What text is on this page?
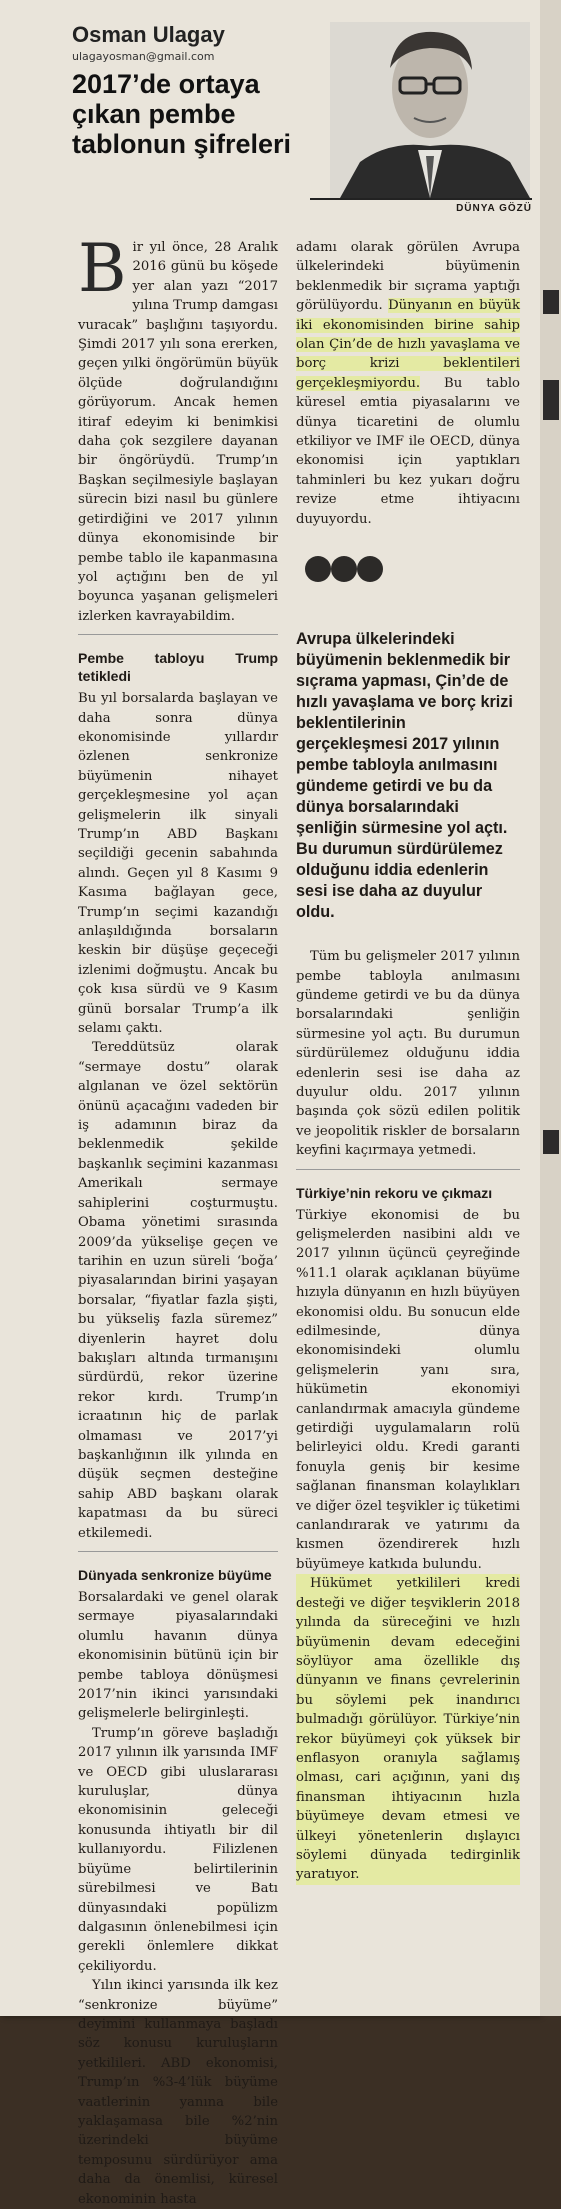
Osman Ulagay
ulagayosman@gmail.com
2017’de ortaya çıkan pembe tablonun şifreleri
DÜNYA GÖZÜ
B ir yıl önce, 28 Aralık 2016 günü bu köşede yer alan yazı “2017 yılına Trump damgası vuracak” başlığını taşıyordu. Şimdi 2017 yılı sona ererken, geçen yılki öngörümün büyük ölçüde doğrulandığını görüyorum. Ancak hemen itiraf edeyim ki benimkisi daha çok sezgilere dayanan bir öngörüydü. Trump’ın Başkan seçilmesiyle başlayan sürecin bizi nasıl bu günlere getirdiğini ve 2017 yılının dünya ekonomisinde bir pembe tablo ile kapanmasına yol açtığını ben de yıl boyunca yaşanan gelişmeleri izlerken kavrayabildim.

Pembe tabloyu Trump tetikledi

Bu yıl borsalarda başlayan ve daha sonra dünya ekonomisinde yıllardır özlenen senkronize büyümenin nihayet gerçekleşmesine yol açan gelişmelerin ilk sinyali Trump’ın ABD Başkanı seçildiği gecenin sabahında alındı. Geçen yıl 8 Kasımı 9 Kasıma bağlayan gece, Trump’ın seçimi kazandığı anlaşıldığında borsaların keskin bir düşüşe geçeceği izlenimi doğmuştu. Ancak bu çok kısa sürdü ve 9 Kasım günü borsalar Trump’a ilk selamı çaktı.

Tereddütsüz olarak “sermaye dostu” olarak algılanan ve özel sektörün önünü açacağını vadeden bir iş adamının biraz da beklenmedik şekilde başkanlık seçimini kazanması Amerikalı sermaye sahiplerini coşturmuştu. Obama yönetimi sırasında 2009’da yükselişe geçen ve tarihin en uzun süreli ‘boğa’ piyasalarından birini yaşayan borsalar, “fiyatlar fazla şişti, bu yükseliş fazla süremez” diyenlerin hayret dolu bakışları altında tırmanışını sürdürdü, rekor üzerine rekor kırdı. Trump’ın icraatının hiç de parlak olmaması ve 2017’yi başkanlığının ilk yılında en düşük seçmen desteğine sahip ABD başkanı olarak kapatması da bu süreci etkilemedi.

Dünyada senkronize büyüme

Borsalardaki ve genel olarak sermaye piyasalarındaki olumlu havanın dünya ekonomisinin bütünü için bir pembe tabloya dönüşmesi 2017’nin ikinci yarısındaki gelişmelerle belirginleşti.

Trump’ın göreve başladığı 2017 yılının ilk yarısında IMF ve OECD gibi uluslararası kuruluşlar, dünya ekonomisinin geleceği konusunda ihtiyatlı bir dil kullanıyordu. Filizlenen büyüme belirtilerinin sürebilmesi ve Batı dünyasındaki popülizm dalgasının önlenebilmesi için gerekli önlemlere dikkat çekiliyordu.

Yılın ikinci yarısında ilk kez “senkronize büyüme” deyimini kullanmaya başladı söz konusu kuruluşların yetkilileri. ABD ekonomisi, Trump’ın %3-4’lük büyüme vaatlerinin yanına bile yaklaşamasa bile %2’nin üzerindeki büyüme temposunu sürdürüyor ama daha da önemlisi, küresel ekonominin hasta

adamı olarak görülen Avrupa ülkelerindeki büyümenin beklenmedik bir sıçrama yaptığı görülüyordu. Dünyanın en büyük iki ekonomisinden birine sahip olan Çin’de de hızlı yavaşlama ve borç krizi beklentileri gerçekleşmiyordu. Bu tablo küresel emtia piyasalarını ve dünya ticaretini de olumlu etkiliyor ve IMF ile OECD, dünya ekonomisi için yaptıkları tahminleri bu kez yukarı doğru revize etme ihtiyacını duyuyordu.

Avrupa ülkelerindeki büyümenin beklenmedik bir sıçrama yapması, Çin’de de hızlı yavaşlama ve borç krizi beklentilerinin gerçekleşmesi 2017 yılının pembe tabloyla anılmasını gündeme getirdi ve bu da dünya borsalarındaki şenliğin sürmesine yol açtı. Bu durumun sürdürülemez olduğunu iddia edenlerin sesi ise daha az duyulur oldu.

Tüm bu gelişmeler 2017 yılının pembe tabloyla anılmasını gündeme getirdi ve bu da dünya borsalarındaki şenliğin sürmesine yol açtı. Bu durumun sürdürülemez olduğunu iddia edenlerin sesi ise daha az duyulur oldu. 2017 yılının başında çok sözü edilen politik ve jeopolitik riskler de borsaların keyfini kaçırmaya yetmedi.

Türkiye’nin rekoru ve çıkmazı

Türkiye ekonomisi de bu gelişmelerden nasibini aldı ve 2017 yılının üçüncü çeyreğinde %11.1 olarak açıklanan büyüme hızıyla dünyanın en hızlı büyüyen ekonomisi oldu. Bu sonucun elde edilmesinde, dünya ekonomisindeki olumlu gelişmelerin yanı sıra, hükümetin ekonomiyi canlandırmak amacıyla gündeme getirdiği uygulamaların rolü belirleyici oldu. Kredi garanti fonuyla geniş bir kesime sağlanan finansman kolaylıkları ve diğer özel teşvikler iç tüketimi canlandırarak ve yatırımı da kısmen özendirerek hızlı büyümeye katkıda bulundu.

Hükümet yetkilileri kredi desteği ve diğer teşviklerin 2018 yılında da süreceğini ve hızlı büyümenin devam edeceğini söylüyor ama özellikle dış dünyanın ve finans çevrelerinin bu söylemi pek inandırıcı bulmadığı görülüyor. Türkiye’nin rekor büyümeyi çok yüksek bir enflasyon oranıyla sağlamış olması, cari açığının, yani dış finansman ihtiyacının hızla büyümeye devam etmesi ve ülkeyi yönetenlerin dışlayıcı söylemi dünyada tedirginlik yaratıyor.
